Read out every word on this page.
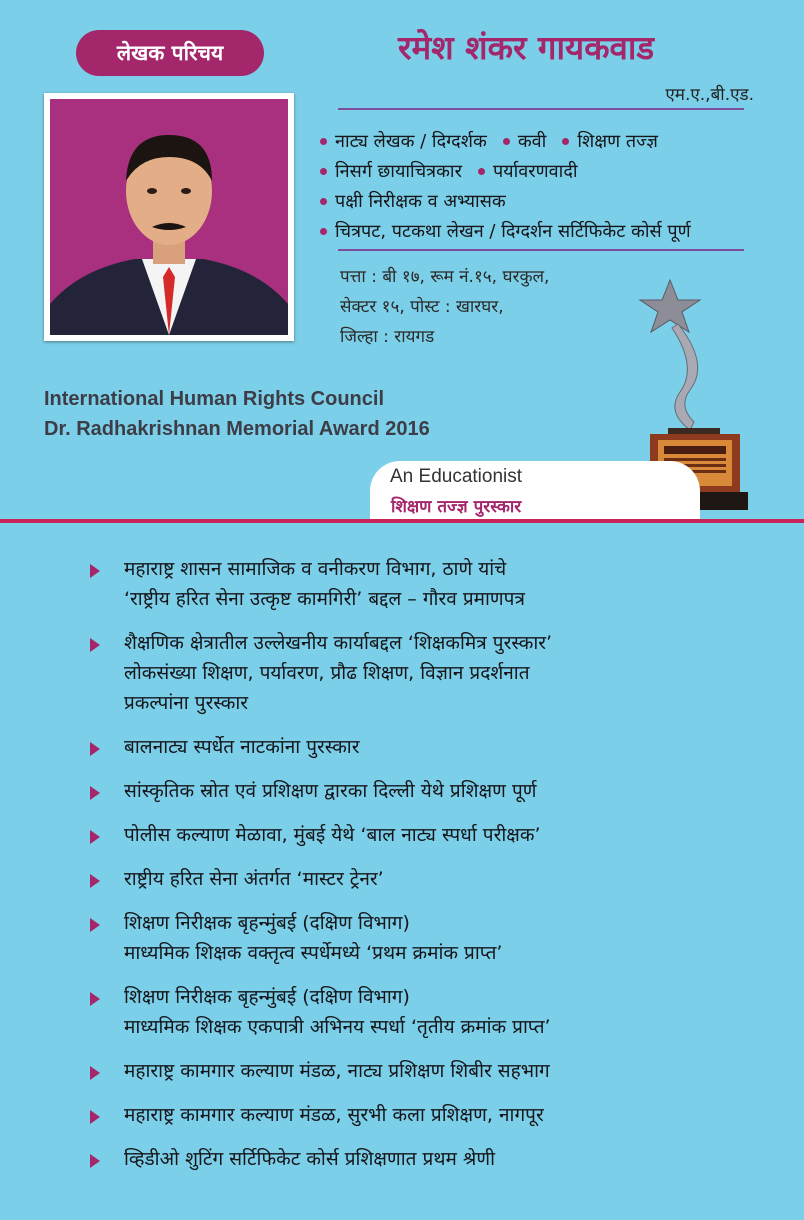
लेखक परिचय	रमेश शंकर गायकवाड
एम.ए.,बी.एड.
नाट्य लेखक / दिग्दर्शक कवी शिक्षण तज्ज्ञ
निसर्ग छायाचित्रकार पर्यावरणवादी
पक्षी निरीक्षक व अभ्यासक
चित्रपट, पटकथा लेखन / दिग्दर्शन सर्टिफिकेट कोर्स पूर्ण
पत्ता : बी १७, रूम नं.१५, घरकुल,
सेक्टर १५, पोस्ट : खारघर,
जिल्हा : रायगड
International Human Rights Council
Dr. Radhakrishnan Memorial Award 2016
An Educationist
शिक्षण तज्ज्ञ पुरस्कार
महाराष्ट्र शासन सामाजिक व वनीकरण विभाग, ठाणे यांचे
‘राष्ट्रीय हरित सेना उत्कृष्ट कामगिरी’ बद्दल – गौरव प्रमाणपत्र
शैक्षणिक क्षेत्रातील उल्लेखनीय कार्याबद्दल ‘शिक्षकमित्र पुरस्कार’
लोकसंख्या शिक्षण, पर्यावरण, प्रौढ शिक्षण, विज्ञान प्रदर्शनात
प्रकल्पांना पुरस्कार
बालनाट्य स्पर्धेत नाटकांना पुरस्कार
सांस्कृतिक स्रोत एवं प्रशिक्षण द्वारका दिल्ली येथे प्रशिक्षण पूर्ण
पोलीस कल्याण मेळावा, मुंबई येथे ‘बाल नाट्य स्पर्धा परीक्षक’
राष्ट्रीय हरित सेना अंतर्गत ‘मास्टर ट्रेनर’
शिक्षण निरीक्षक बृहन्मुंबई (दक्षिण विभाग)
माध्यमिक शिक्षक वक्तृत्व स्पर्धेमध्ये ‘प्रथम क्रमांक प्राप्त’
शिक्षण निरीक्षक बृहन्मुंबई (दक्षिण विभाग)
माध्यमिक शिक्षक एकपात्री अभिनय स्पर्धा ‘तृतीय क्रमांक प्राप्त’
महाराष्ट्र कामगार कल्याण मंडळ, नाट्य प्रशिक्षण शिबीर सहभाग
महाराष्ट्र कामगार कल्याण मंडळ, सुरभी कला प्रशिक्षण, नागपूर
व्हिडीओ शुटिंग सर्टिफिकेट कोर्स प्रशिक्षणात प्रथम श्रेणी
